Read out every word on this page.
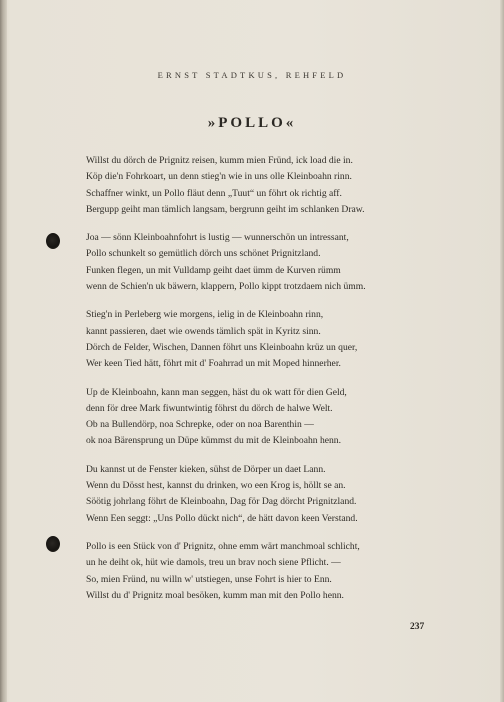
ERNST STADTKUS, REHFELD
»POLLO«
Willst du dörch de Prignitz reisen, kumm mien Fründ, ick load die in.
Köp die'n Fohrkoart, un denn stieg'n wie in uns olle Kleinboahn rinn.
Schaffner winkt, un Pollo fläut denn „Tuut“ un föhrt ok richtig aff.
Bergupp geiht man tämlich langsam, bergrunn geiht im schlanken Draw.
Joa — sönn Kleinboahnfohrt is lustig — wunnerschön un intressant,
Pollo schunkelt so gemütlich dörch uns schönet Prignitzland.
Funken flegen, un mit Vulldamp geiht daet ümm de Kurven rümm
wenn de Schien'n uk bäwern, klappern, Pollo kippt trotzdaem nich ümm.
Stieg'n in Perleberg wie morgens, ielig in de Kleinboahn rinn,
kannt passieren, daet wie owends tämlich spät in Kyritz sinn.
Dörch de Felder, Wischen, Dannen föhrt uns Kleinboahn krüz un quer,
Wer keen Tied hätt, föhrt mit d' Foahrrad un mit Moped hinnerher.
Up de Kleinboahn, kann man seggen, häst du ok watt för dien Geld,
denn för dree Mark fiwuntwintig föhrst du dörch de halwe Welt.
Ob na Bullendörp, noa Schrepke, oder on noa Barenthin —
ok noa Bärensprung un Düpe kümmst du mit de Kleinboahn henn.
Du kannst ut de Fenster kieken, sühst de Dörper un daet Lann.
Wenn du Dösst hest, kannst du drinken, wo een Krog is, höllt se an.
Söötig johrlang föhrt de Kleinboahn, Dag för Dag dörcht Prignitzland.
Wenn Een seggt: „Uns Pollo dückt nich“, de hätt davon keen Verstand.
Pollo is een Stück von d' Prignitz, ohne emm wärt manchmoal schlicht,
un he deiht ok, hüt wie damols, treu un brav noch siene Pflicht. —
So, mien Fründ, nu willn w' utstiegen, unse Fohrt is hier to Enn.
Willst du d' Prignitz moal besöken, kumm man mit den Pollo henn.
237
